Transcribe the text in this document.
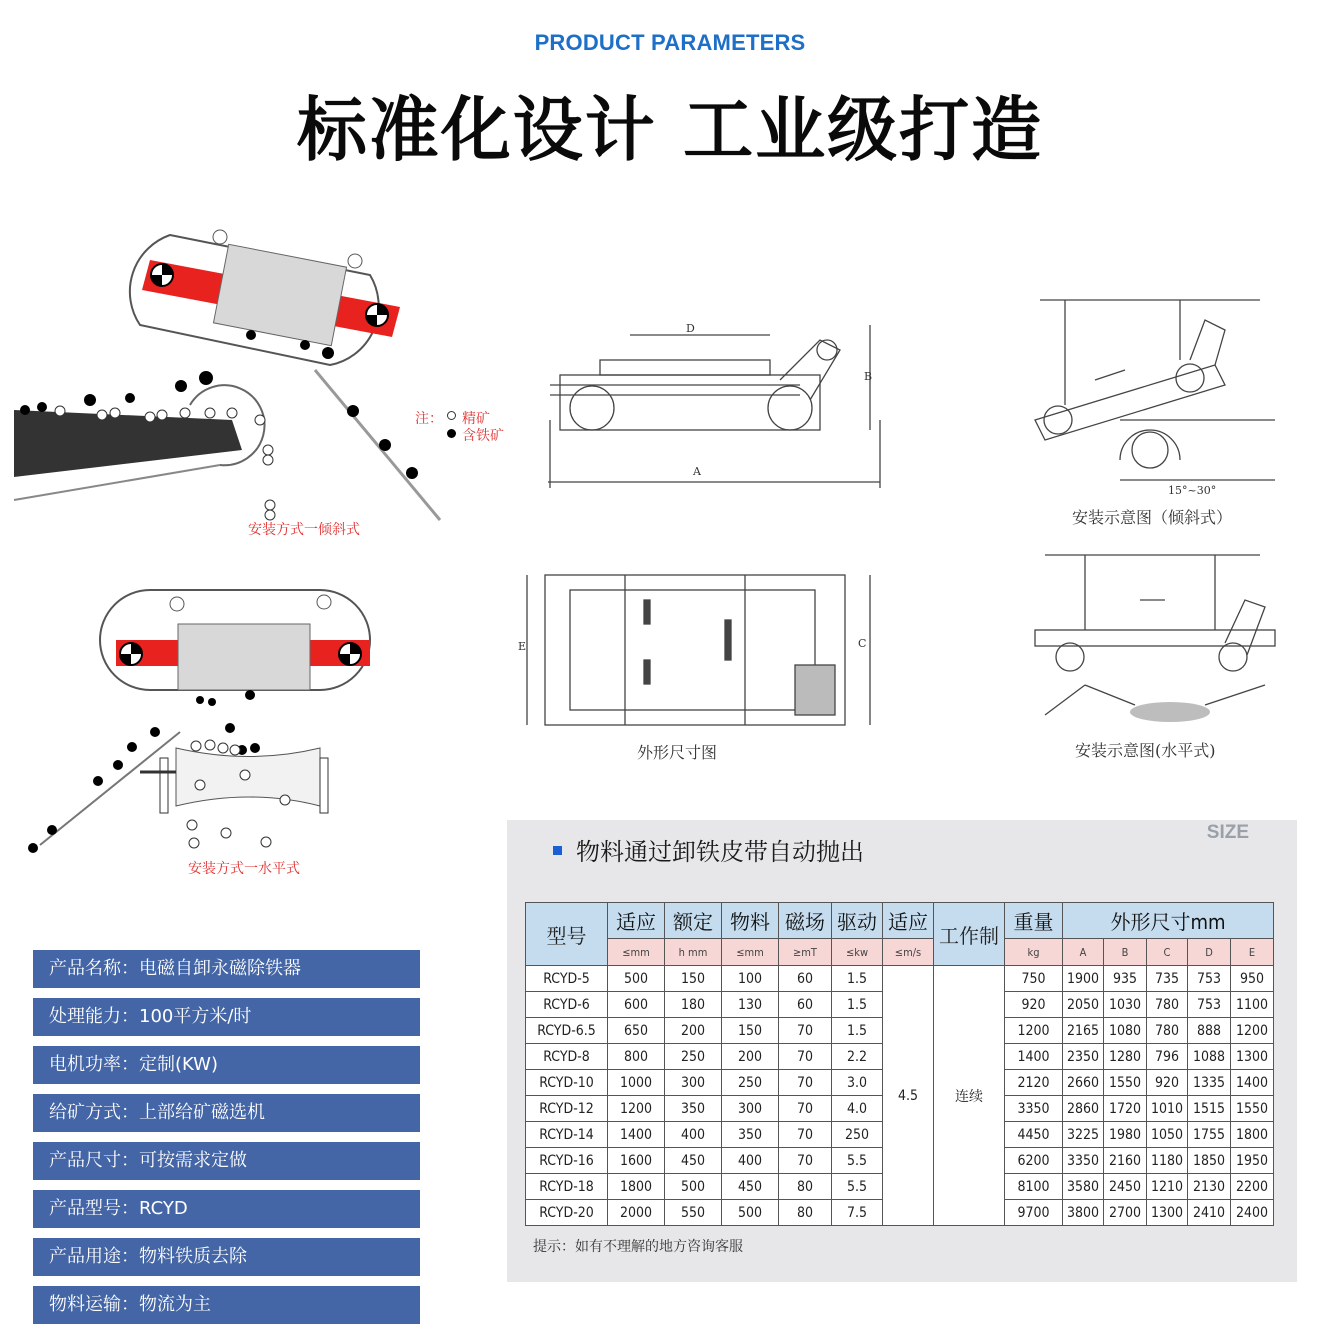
PRODUCT PARAMETERS
标准化设计 工业级打造
注： 精矿
含铁矿
安装方式一倾斜式
安装方式一水平式
D
B
A
E	C
外形尺寸图
15°~30°
安装示意图（倾斜式）
安装示意图(水平式)
产品名称：电磁自卸永磁除铁器
处理能力：100平方米/时
电机功率：定制(KW)
给矿方式：上部给矿磁选机
产品尺寸：可按需求定做
产品型号：RCYD
产品用途：物料铁质去除
物料运输：物流为主
SIZE
物料通过卸铁皮带自动抛出
型号	适应	额定	物料	磁场	驱动	适应	工作制	重量	外形尺寸mm				
	≤mm	h mm	≤mm	≥mT	≤kw	≤m/s		kg	A	B	C	D	E
RCYD-5	500	150	100	60	1.5	4.5	连续	750	1900	935	735	753	950
RCYD-6	600	180	130	60	1.5			920	2050	1030	780	753	1100
RCYD-6.5	650	200	150	70	1.5			1200	2165	1080	780	888	1200
RCYD-8	800	250	200	70	2.2			1400	2350	1280	796	1088	1300
RCYD-10	1000	300	250	70	3.0			2120	2660	1550	920	1335	1400
RCYD-12	1200	350	300	70	4.0			3350	2860	1720	1010	1515	1550
RCYD-14	1400	400	350	70	250			4450	3225	1980	1050	1755	1800
RCYD-16	1600	450	400	70	5.5			6200	3350	2160	1180	1850	1950
RCYD-18	1800	500	450	80	5.5			8100	3580	2450	1210	2130	2200
RCYD-20	2000	550	500	80	7.5			9700	3800	2700	1300	2410	2400
提示：如有不理解的地方咨询客服
